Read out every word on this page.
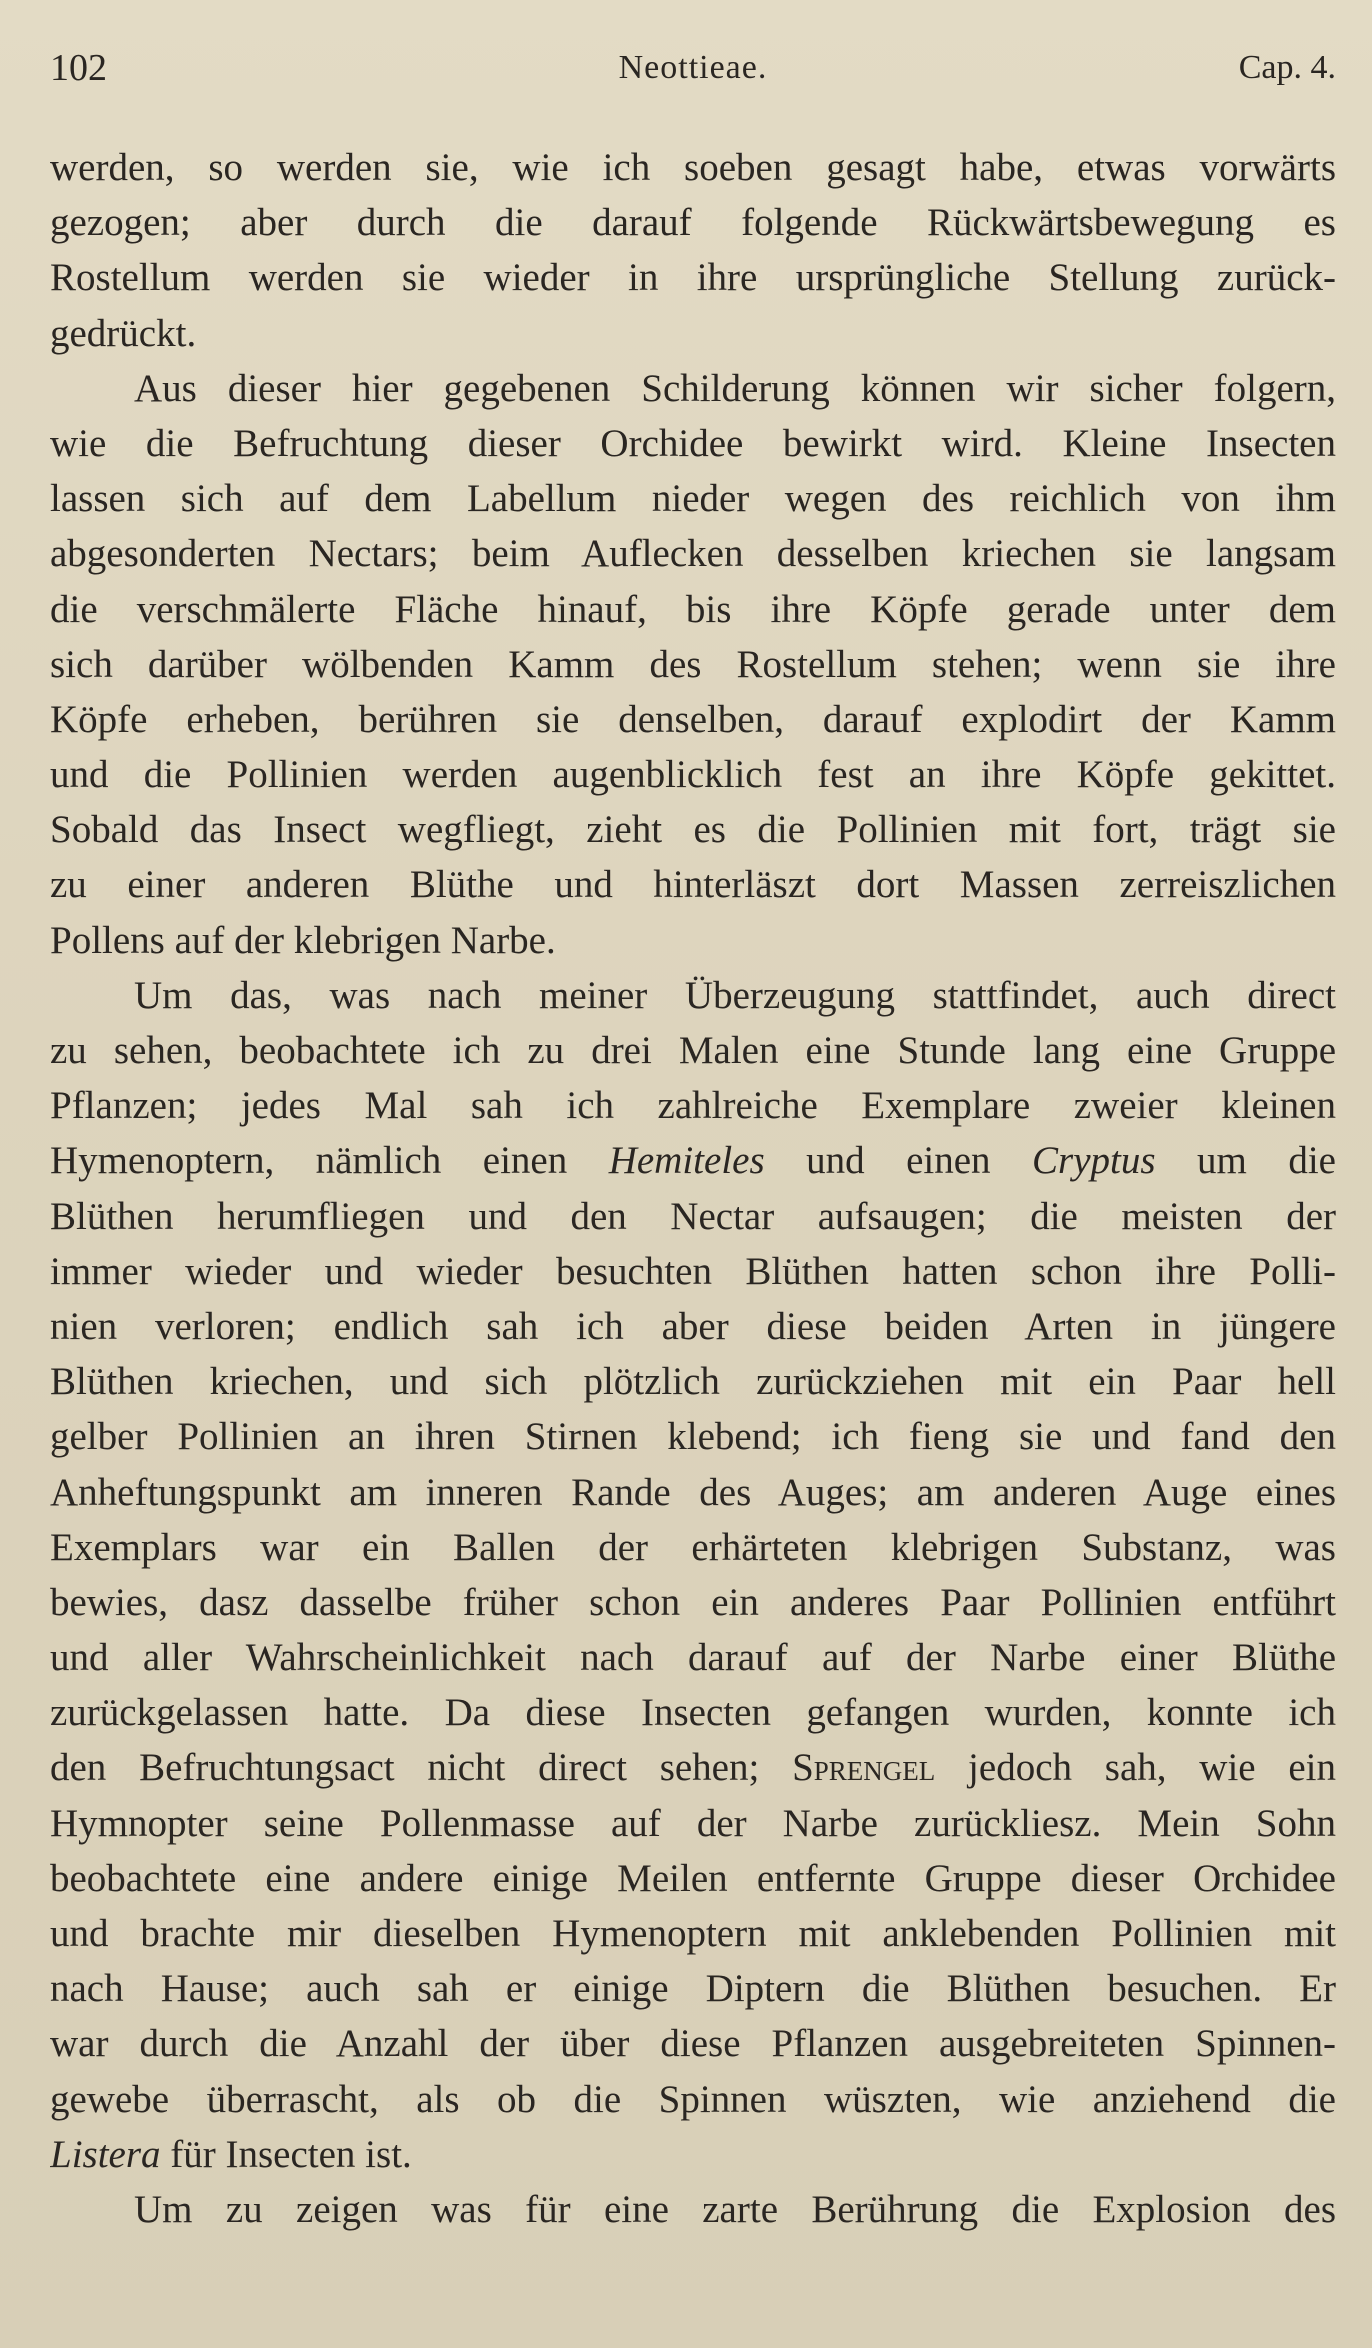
102	Neottieae.	Cap. 4.
werden, so werden sie, wie ich soeben gesagt habe, etwas vorwärts
gezogen; aber durch die darauf folgende Rückwärtsbewegung es
Rostellum werden sie wieder in ihre ursprüngliche Stellung zurück-
gedrückt.
Aus dieser hier gegebenen Schilderung können wir sicher folgern,
wie die Befruchtung dieser Orchidee bewirkt wird. Kleine Insecten
lassen sich auf dem Labellum nieder wegen des reichlich von ihm
abgesonderten Nectars; beim Auflecken desselben kriechen sie langsam
die verschmälerte Fläche hinauf, bis ihre Köpfe gerade unter dem
sich darüber wölbenden Kamm des Rostellum stehen; wenn sie ihre
Köpfe erheben, berühren sie denselben, darauf explodirt der Kamm
und die Pollinien werden augenblicklich fest an ihre Köpfe gekittet.
Sobald das Insect wegfliegt, zieht es die Pollinien mit fort, trägt sie
zu einer anderen Blüthe und hinterläszt dort Massen zerreiszlichen
Pollens auf der klebrigen Narbe.
Um das, was nach meiner Überzeugung stattfindet, auch direct
zu sehen, beobachtete ich zu drei Malen eine Stunde lang eine Gruppe
Pflanzen; jedes Mal sah ich zahlreiche Exemplare zweier kleinen
Hymenoptern, nämlich einen Hemiteles und einen Cryptus um die
Blüthen herumfliegen und den Nectar aufsaugen; die meisten der
immer wieder und wieder besuchten Blüthen hatten schon ihre Polli-
nien verloren; endlich sah ich aber diese beiden Arten in jüngere
Blüthen kriechen, und sich plötzlich zurückziehen mit ein Paar hell
gelber Pollinien an ihren Stirnen klebend; ich fieng sie und fand den
Anheftungspunkt am inneren Rande des Auges; am anderen Auge eines
Exemplars war ein Ballen der erhärteten klebrigen Substanz, was
bewies, dasz dasselbe früher schon ein anderes Paar Pollinien entführt
und aller Wahrscheinlichkeit nach darauf auf der Narbe einer Blüthe
zurückgelassen hatte. Da diese Insecten gefangen wurden, konnte ich
den Befruchtungsact nicht direct sehen; Sprengel jedoch sah, wie ein
Hymnopter seine Pollenmasse auf der Narbe zurückliesz. Mein Sohn
beobachtete eine andere einige Meilen entfernte Gruppe dieser Orchidee
und brachte mir dieselben Hymenoptern mit anklebenden Pollinien mit
nach Hause; auch sah er einige Diptern die Blüthen besuchen. Er
war durch die Anzahl der über diese Pflanzen ausgebreiteten Spinnen-
gewebe überrascht, als ob die Spinnen wüszten, wie anziehend die
Listera für Insecten ist.
Um zu zeigen was für eine zarte Berührung die Explosion des
